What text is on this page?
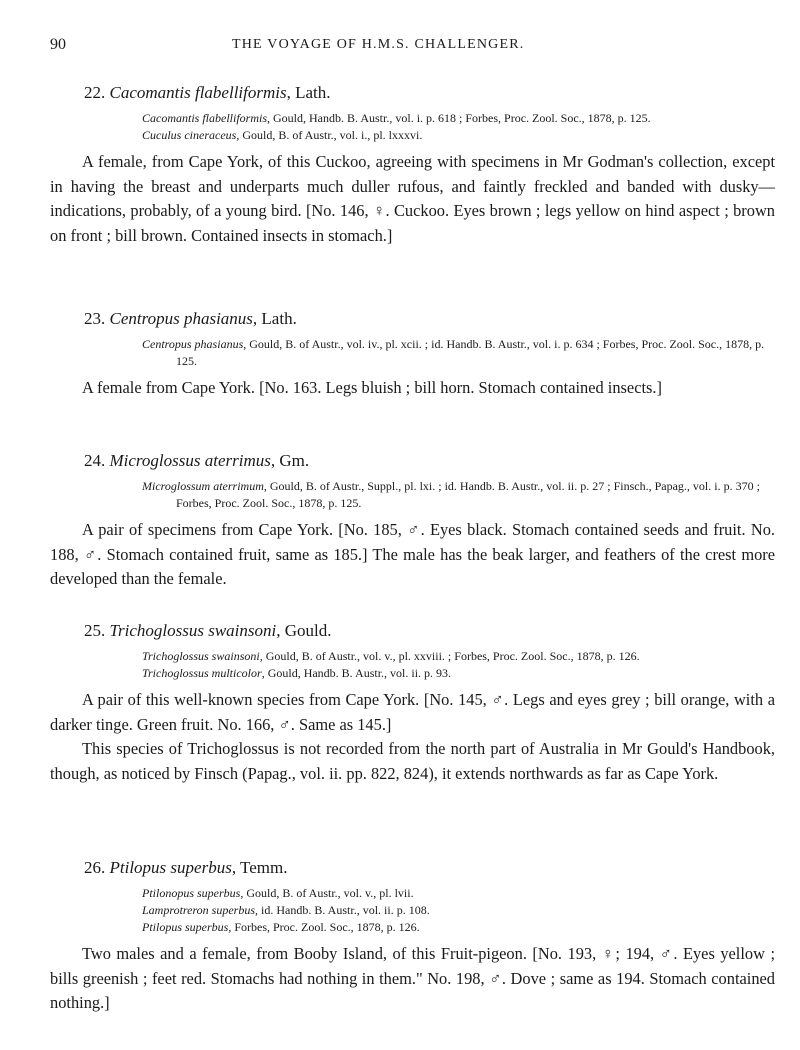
90	THE VOYAGE OF H.M.S. CHALLENGER.
22. Cacomantis flabelliformis, Lath.
Cacomantis flabelliformis, Gould, Handb. B. Austr., vol. i. p. 618 ; Forbes, Proc. Zool. Soc., 1878, p. 125.
Cuculus cineraceus, Gould, B. of Austr., vol. i., pl. lxxxvi.
A female, from Cape York, of this Cuckoo, agreeing with specimens in Mr Godman's collection, except in having the breast and underparts much duller rufous, and faintly freckled and banded with dusky—indications, probably, of a young bird. [No. 146, ♀. Cuckoo. Eyes brown ; legs yellow on hind aspect ; brown on front ; bill brown. Contained insects in stomach.]
23. Centropus phasianus, Lath.
Centropus phasianus, Gould, B. of Austr., vol. iv., pl. xcii. ; id. Handb. B. Austr., vol. i. p. 634 ; Forbes, Proc. Zool. Soc., 1878, p. 125.
A female from Cape York. [No. 163. Legs bluish ; bill horn. Stomach contained insects.]
24. Microglossus aterrimus, Gm.
Microglossum aterrimum, Gould, B. of Austr., Suppl., pl. lxi. ; id. Handb. B. Austr., vol. ii. p. 27 ; Finsch., Papag., vol. i. p. 370 ; Forbes, Proc. Zool. Soc., 1878, p. 125.
A pair of specimens from Cape York. [No. 185, ♂. Eyes black. Stomach contained seeds and fruit. No. 188, ♂. Stomach contained fruit, same as 185.] The male has the beak larger, and feathers of the crest more developed than the female.
25. Trichoglossus swainsoni, Gould.
Trichoglossus swainsoni, Gould, B. of Austr., vol. v., pl. xxviii. ; Forbes, Proc. Zool. Soc., 1878, p. 126.
Trichoglossus multicolor, Gould, Handb. B. Austr., vol. ii. p. 93.
A pair of this well-known species from Cape York. [No. 145, ♂. Legs and eyes grey ; bill orange, with a darker tinge. Green fruit. No. 166, ♂. Same as 145.]
This species of Trichoglossus is not recorded from the north part of Australia in Mr Gould's Handbook, though, as noticed by Finsch (Papag., vol. ii. pp. 822, 824), it extends northwards as far as Cape York.
26. Ptilopus superbus, Temm.
Ptilonopus superbus, Gould, B. of Austr., vol. v., pl. lvii.
Lamprotreron superbus, id. Handb. B. Austr., vol. ii. p. 108.
Ptilopus superbus, Forbes, Proc. Zool. Soc., 1878, p. 126.
Two males and a female, from Booby Island, of this Fruit-pigeon. [No. 193, ♀; 194, ♂. Eyes yellow ; bills greenish ; feet red. Stomachs had nothing in them." No. 198, ♂. Dove ; same as 194. Stomach contained nothing.]
